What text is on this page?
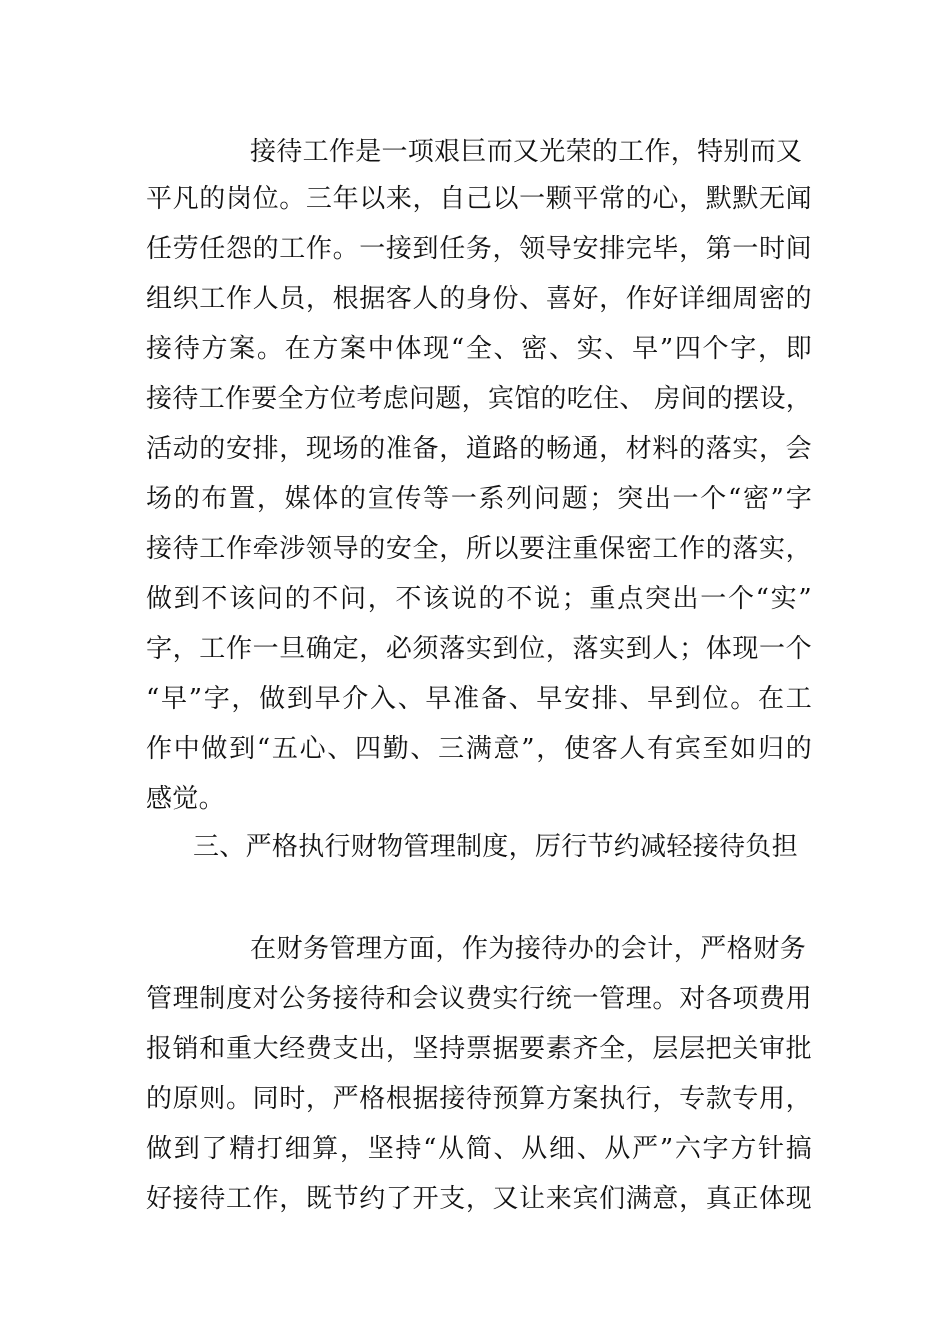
接待工作是一项艰巨而又光荣的工作，特别而又
平凡的岗位。三年以来，自己以一颗平常的心，默默无闻
任劳任怨的工作。一接到任务，领导安排完毕，第一时间
组织工作人员，根据客人的身份、喜好，作好详细周密的
接待方案。在方案中体现“全、密、实、早”四个字，即
接待工作要全方位考虑问题，宾馆的吃住、 房间的摆设，
活动的安排，现场的准备，道路的畅通，材料的落实，会
场的布置，媒体的宣传等一系列问题；突出一个“密”字
接待工作牵涉领导的安全，所以要注重保密工作的落实，
做到不该问的不问，不该说的不说；重点突出一个“实”
字，工作一旦确定，必须落实到位，落实到人；体现一个
“早”字，做到早介入、早准备、早安排、早到位。在工
作中做到“五心、四勤、三满意”，使客人有宾至如归的
感觉。
三、严格执行财物管理制度，厉行节约减轻接待负担
在财务管理方面，作为接待办的会计，严格财务
管理制度对公务接待和会议费实行统一管理。对各项费用
报销和重大经费支出，坚持票据要素齐全，层层把关审批
的原则。同时，严格根据接待预算方案执行，专款专用，
做到了精打细算，坚持“从简、从细、从严”六字方针搞
好接待工作，既节约了开支，又让来宾们满意，真正体现
